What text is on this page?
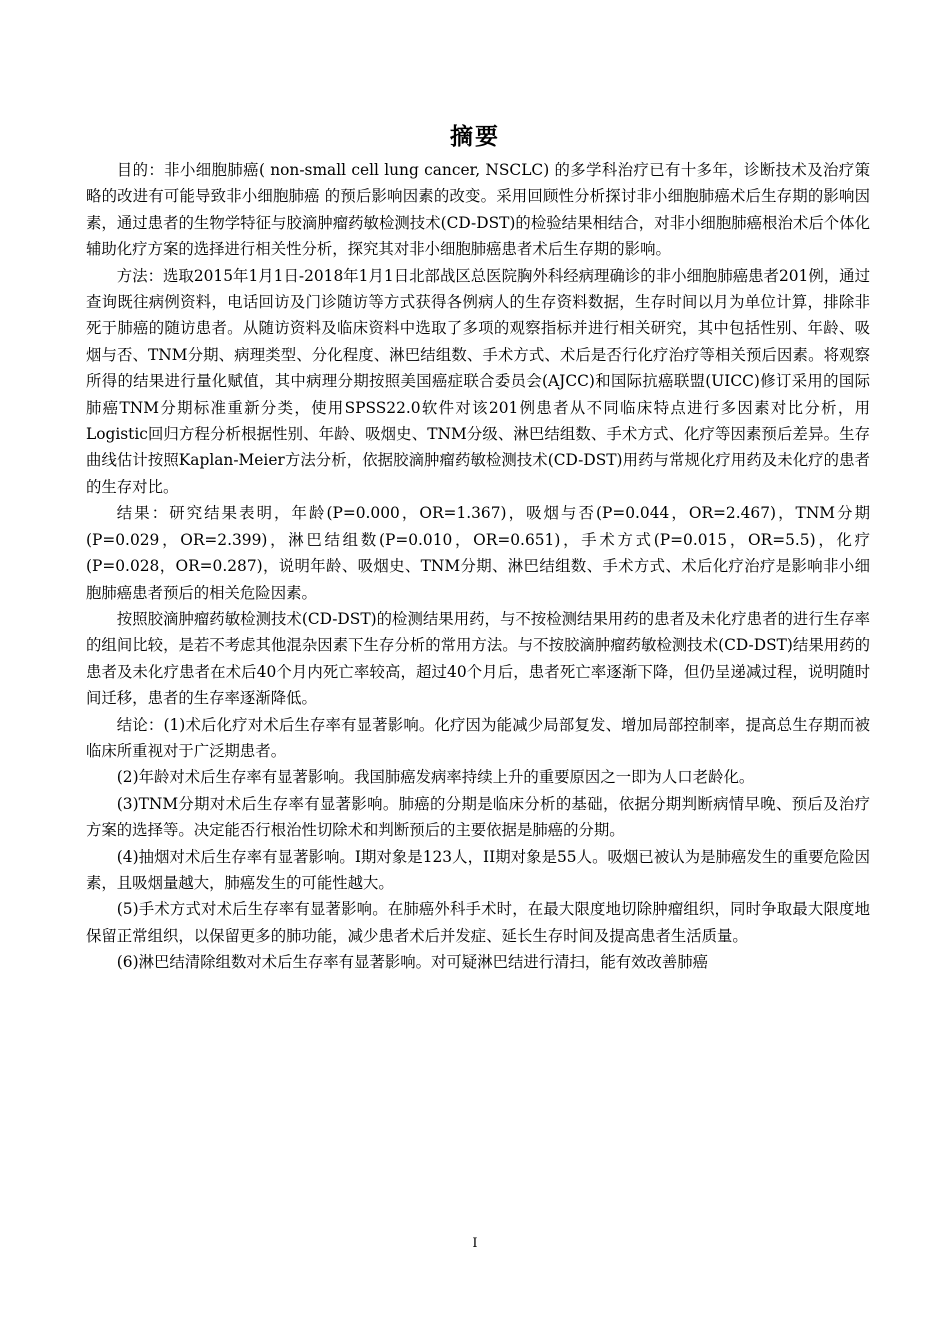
摘要

目的：非小细胞肺癌( non-small cell lung cancer, NSCLC) 的多学科治疗已有十多年，诊断技术及治疗策略的改进有可能导致非小细胞肺癌 的预后影响因素的改变。采用回顾性分析探讨非小细胞肺癌术后生存期的影响因素，通过患者的生物学特征与胶滴肿瘤药敏检测技术(CD-DST)的检验结果相结合，对非小细胞肺癌根治术后个体化辅助化疗方案的选择进行相关性分析，探究其对非小细胞肺癌患者术后生存期的影响。

方法：选取2015年1月1日-2018年1月1日北部战区总医院胸外科经病理确诊的非小细胞肺癌患者201例，通过查询既往病例资料，电话回访及门诊随访等方式获得各例病人的生存资料数据，生存时间以月为单位计算，排除非死于肺癌的随访患者。从随访资料及临床资料中选取了多项的观察指标并进行相关研究，其中包括性别、年龄、吸烟与否、TNM分期、病理类型、分化程度、淋巴结组数、手术方式、术后是否行化疗治疗等相关预后因素。将观察所得的结果进行量化赋值，其中病理分期按照美国癌症联合委员会(AJCC)和国际抗癌联盟(UICC)修订采用的国际肺癌TNM分期标准重新分类，使用SPSS22.0软件对该201例患者从不同临床特点进行多因素对比分析，用Logistic回归方程分析根据性别、年龄、吸烟史、TNM分级、淋巴结组数、手术方式、化疗等因素预后差异。生存曲线估计按照Kaplan-Meier方法分析，依据胶滴肿瘤药敏检测技术(CD-DST)用药与常规化疗用药及未化疗的患者的生存对比。

结果：研究结果表明，年龄(P=0.000，OR=1.367)，吸烟与否(P=0.044，OR=2.467)，TNM分期(P=0.029，OR=2.399)，淋巴结组数(P=0.010，OR=0.651)，手术方式(P=0.015，OR=5.5)，化疗(P=0.028，OR=0.287)，说明年龄、吸烟史、TNM分期、淋巴结组数、手术方式、术后化疗治疗是影响非小细胞肺癌患者预后的相关危险因素。

按照胶滴肿瘤药敏检测技术(CD-DST)的检测结果用药，与不按检测结果用药的患者及未化疗患者的进行生存率的组间比较，是若不考虑其他混杂因素下生存分析的常用方法。与不按胶滴肿瘤药敏检测技术(CD-DST)结果用药的患者及未化疗患者在术后40个月内死亡率较高，超过40个月后，患者死亡率逐渐下降，但仍呈递减过程，说明随时间迁移，患者的生存率逐渐降低。

结论：(1)术后化疗对术后生存率有显著影响。化疗因为能减少局部复发、增加局部控制率，提高总生存期而被临床所重视对于广泛期患者。

(2)年龄对术后生存率有显著影响。我国肺癌发病率持续上升的重要原因之一即为人口老龄化。

(3)TNM分期对术后生存率有显著影响。肺癌的分期是临床分析的基础，依据分期判断病情早晚、预后及治疗方案的选择等。决定能否行根治性切除术和判断预后的主要依据是肺癌的分期。

(4)抽烟对术后生存率有显著影响。I期对象是123人，II期对象是55人。吸烟已被认为是肺癌发生的重要危险因素，且吸烟量越大，肺癌发生的可能性越大。

(5)手术方式对术后生存率有显著影响。在肺癌外科手术时，在最大限度地切除肿瘤组织，同时争取最大限度地保留正常组织，以保留更多的肺功能，减少患者术后并发症、延长生存时间及提高患者生活质量。

(6)淋巴结清除组数对术后生存率有显著影响。对可疑淋巴结进行清扫，能有效改善肺癌

I
